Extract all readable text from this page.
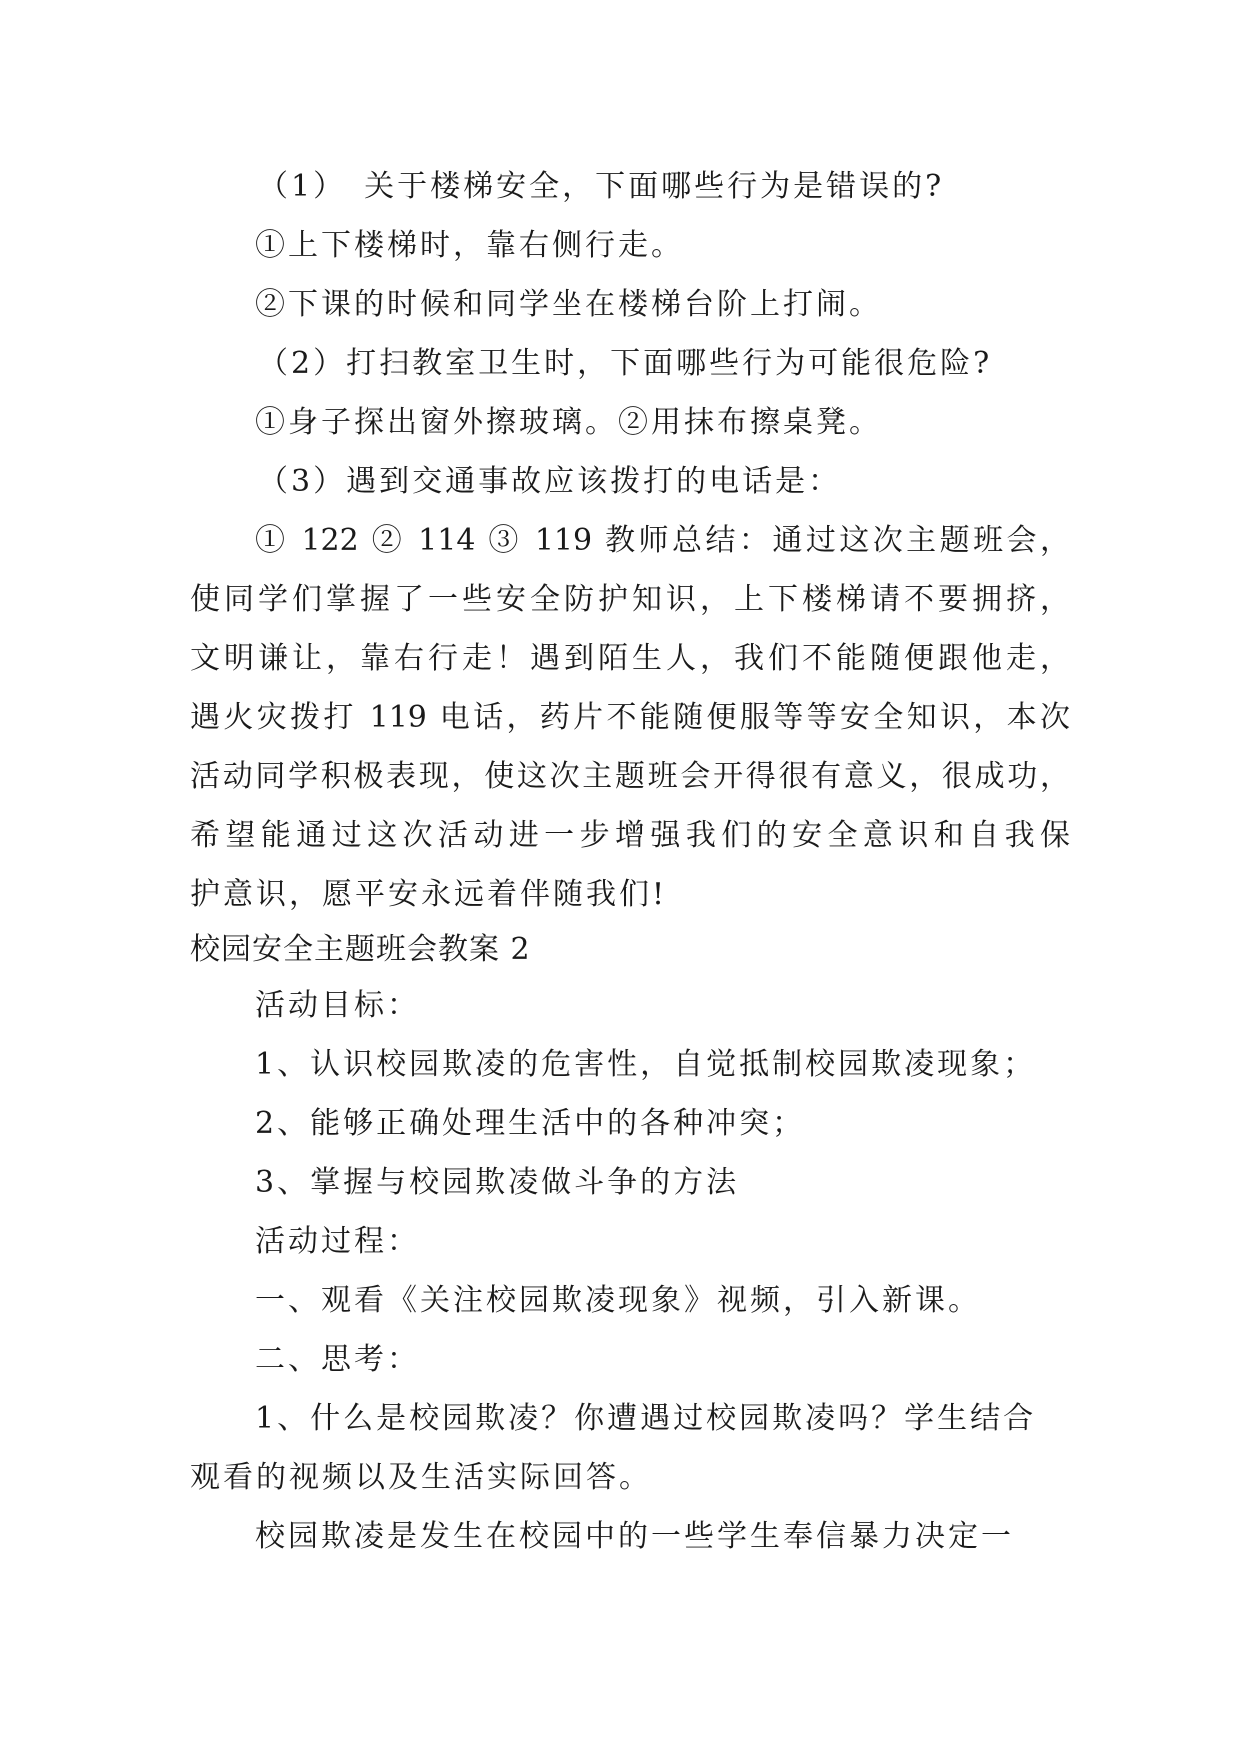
（1）　关于楼梯安全，下面哪些行为是错误的?
①上下楼梯时，靠右侧行走。
②下课的时候和同学坐在楼梯台阶上打闹。
（2）打扫教室卫生时，下面哪些行为可能很危险?
①身子探出窗外擦玻璃。②用抹布擦桌凳。
（3）遇到交通事故应该拨打的电话是：
① 122 ② 114 ③ 119 教师总结：通过这次主题班会，
使同学们掌握了一些安全防护知识，上下楼梯请不要拥挤，
文明谦让，靠右行走！遇到陌生人，我们不能随便跟他走，
遇火灾拨打 119 电话，药片不能随便服等等安全知识，本次
活动同学积极表现，使这次主题班会开得很有意义，很成功，
希望能通过这次活动进一步增强我们的安全意识和自我保
护意识，愿平安永远着伴随我们!
校园安全主题班会教案 2
活动目标：
1、认识校园欺凌的危害性，自觉抵制校园欺凌现象；
2、能够正确处理生活中的各种冲突；
3、掌握与校园欺凌做斗争的方法
活动过程：
一、观看《关注校园欺凌现象》视频，引入新课。
二、思考：
1、什么是校园欺凌？你遭遇过校园欺凌吗？学生结合
观看的视频以及生活实际回答。
校园欺凌是发生在校园中的一些学生奉信暴力决定一
